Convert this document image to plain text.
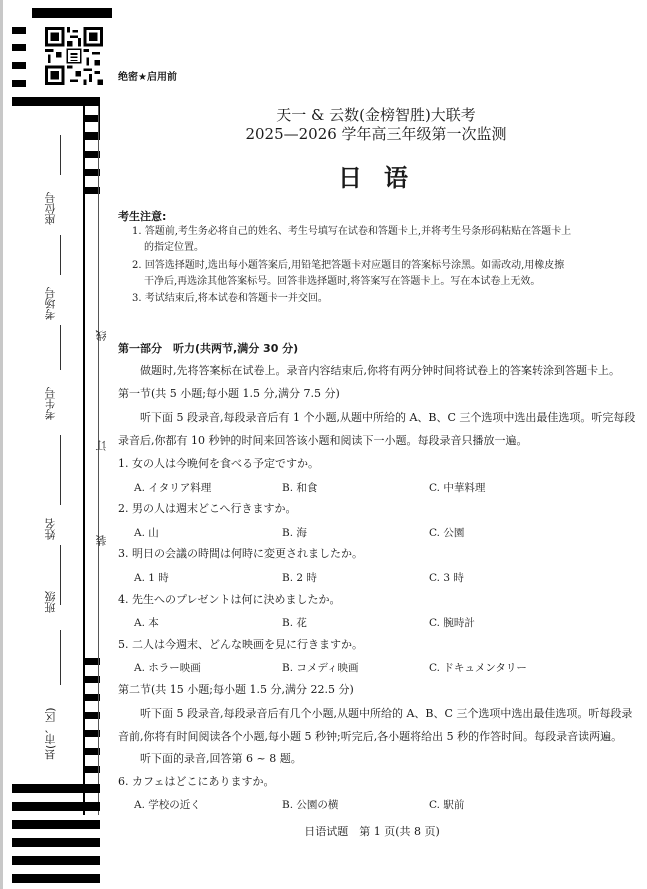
座位号
考场号
考生号
姓名
班级
县(市、区)
线
订
装
绝密★启用前
天一 & 云数(金榜智胜)大联考
2025—2026 学年高三年级第一次监测
日语
考生注意:
1. 答题前,考生务必将自己的姓名、考生号填写在试卷和答题卡上,并将考生号条形码粘贴在答题卡上
的指定位置。
2. 回答选择题时,选出每小题答案后,用铅笔把答题卡对应题目的答案标号涂黑。如需改动,用橡皮擦
干净后,再选涂其他答案标号。回答非选择题时,将答案写在答题卡上。写在本试卷上无效。
3. 考试结束后,将本试卷和答题卡一并交回。
第一部分　听力(共两节,满分 30 分)
做题时,先将答案标在试卷上。录音内容结束后,你将有两分钟时间将试卷上的答案转涂到答题卡上。
第一节(共 5 小题;每小题 1.5 分,满分 7.5 分)
听下面 5 段录音,每段录音后有 1 个小题,从题中所给的 A、B、C 三个选项中选出最佳选项。听完每段
录音后,你都有 10 秒钟的时间来回答该小题和阅读下一小题。每段录音只播放一遍。
1. 女の人は今晩何を食べる予定ですか。
A. イタリア料理	B. 和食	C. 中華料理
2. 男の人は週末どこへ行きますか。
A. 山	B. 海	C. 公園
3. 明日の会議の時間は何時に変更されましたか。
A. 1 時	B. 2 時	C. 3 時
4. 先生へのプレゼントは何に決めましたか。
A. 本	B. 花	C. 腕時計
5. 二人は今週末、どんな映画を見に行きますか。
A. ホラー映画	B. コメディ映画	C. ドキュメンタリー
第二节(共 15 小题;每小题 1.5 分,满分 22.5 分)
听下面 5 段录音,每段录音后有几个小题,从题中所给的 A、B、C 三个选项中选出最佳选项。听每段录
音前,你将有时间阅读各个小题,每小题 5 秒钟;听完后,各小题将给出 5 秒的作答时间。每段录音读两遍。
听下面的录音,回答第 6 ~ 8 题。
6. カフェはどこにありますか。
A. 学校の近く	B. 公園の横	C. 駅前
日语试题　第 1 页(共 8 页)
